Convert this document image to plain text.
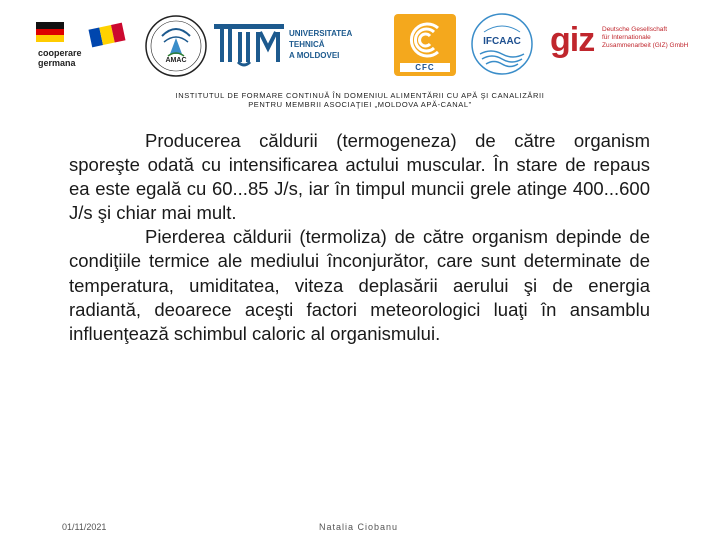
cooperare
germana	AMAC
UNIVERSITATEA TEHNICĂ
A MOLDOVEI
CFC
IFCAAC giz Deutsche Gesellschaft
für Internationale
Zusammenarbeit (GIZ) GmbH
INSTITUTUL DE FORMARE CONTINUĂ ÎN DOMENIUL ALIMENTĂRII CU APĂ ŞI CANALIZĂRII
PENTRU MEMBRII ASOCIAŢIEI „MOLDOVA APĂ-CANAL”

Producerea căldurii (termogeneza) de către organism sporeşte odată cu intensificarea actului muscular. În stare de repaus ea este egală cu 60...85 J/s, iar în timpul muncii grele atinge 400...600 J/s şi chiar mai mult.

Pierderea căldurii (termoliza) de către organism depinde de condiţiile termice ale mediului înconjurător, care sunt determinate de temperatura, umiditatea, viteza deplasării aerului şi de energia radiantă, deoarece aceşti factori meteorologici luaţi în ansamblu influenţează schimbul caloric al organismului.

01/11/2021	Natalia Ciobanu
